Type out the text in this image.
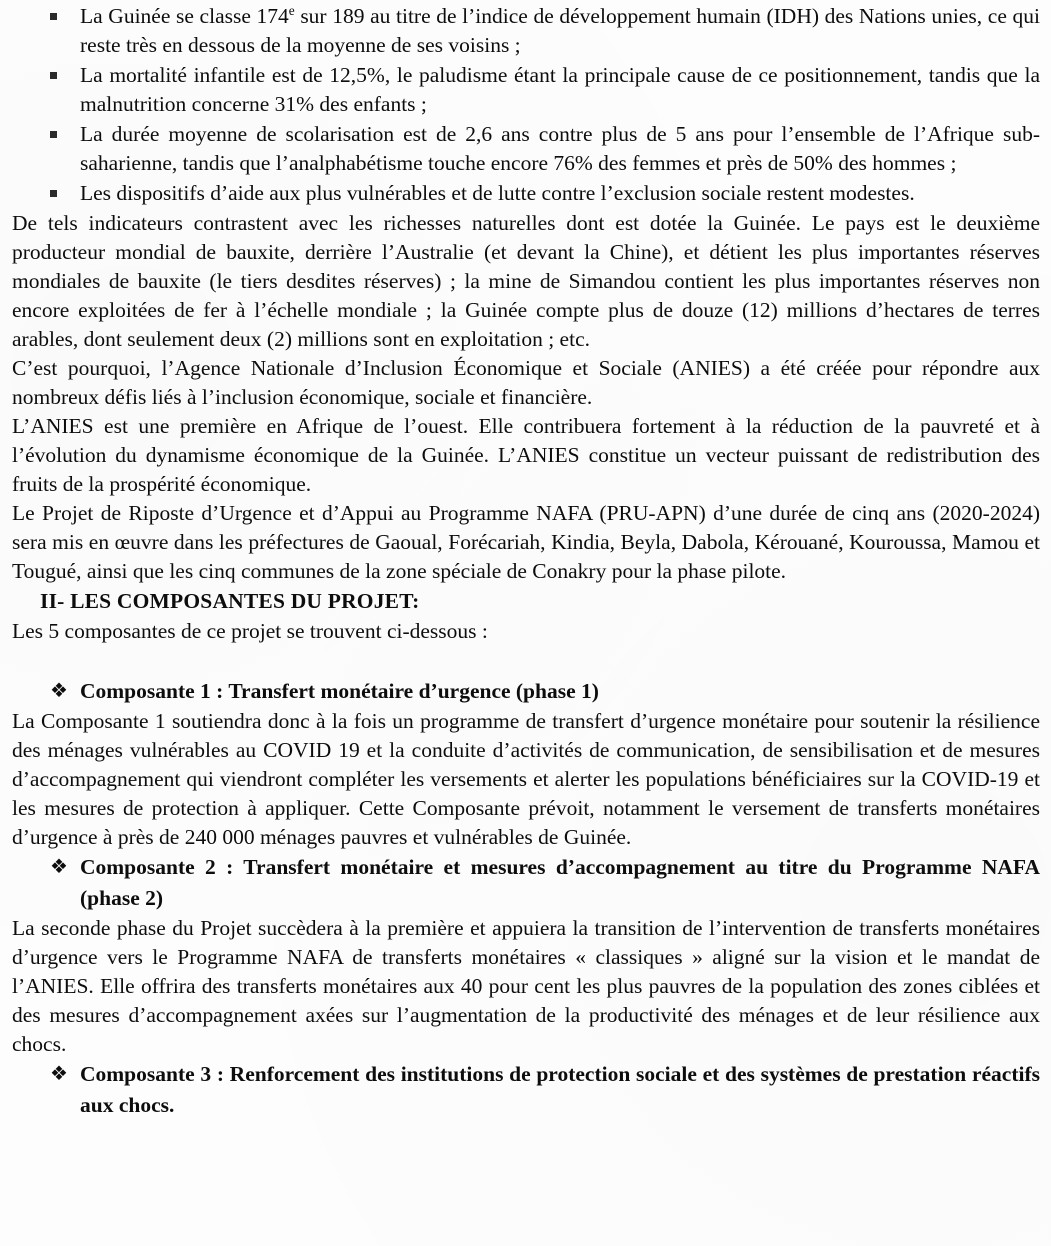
La Guinée se classe 174e sur 189 au titre de l’indice de développement humain (IDH) des Nations unies, ce qui reste très en dessous de la moyenne de ses voisins ;
La mortalité infantile est de 12,5%, le paludisme étant la principale cause de ce positionnement, tandis que la malnutrition concerne 31% des enfants ;
La durée moyenne de scolarisation est de 2,6 ans contre plus de 5 ans pour l’ensemble de l’Afrique sub-saharienne, tandis que l’analphabétisme touche encore 76% des femmes et près de 50% des hommes ;
Les dispositifs d’aide aux plus vulnérables et de lutte contre l’exclusion sociale restent modestes.

De tels indicateurs contrastent avec les richesses naturelles dont est dotée la Guinée. Le pays est le deuxième producteur mondial de bauxite, derrière l’Australie (et devant la Chine), et détient les plus importantes réserves mondiales de bauxite (le tiers desdites réserves) ; la mine de Simandou contient les plus importantes réserves non encore exploitées de fer à l’échelle mondiale ; la Guinée compte plus de douze (12) millions d’hectares de terres arables, dont seulement deux (2) millions sont en exploitation ; etc.

C’est pourquoi, l’Agence Nationale d’Inclusion Économique et Sociale (ANIES) a été créée pour répondre aux nombreux défis liés à l’inclusion économique, sociale et financière.

L’ANIES est une première en Afrique de l’ouest. Elle contribuera fortement à la réduction de la pauvreté et à l’évolution du dynamisme économique de la Guinée. L’ANIES constitue un vecteur puissant de redistribution des fruits de la prospérité économique.

Le Projet de Riposte d’Urgence et d’Appui au Programme NAFA (PRU-APN) d’une durée de cinq ans (2020-2024) sera mis en œuvre dans les préfectures de Gaoual, Forécariah, Kindia, Beyla, Dabola, Kérouané, Kouroussa, Mamou et Tougué, ainsi que les cinq communes de la zone spéciale de Conakry pour la phase pilote.

II- LES COMPOSANTES DU PROJET:

Les 5 composantes de ce projet se trouvent ci-dessous :

❖ Composante 1 : Transfert monétaire d’urgence (phase 1)

La Composante 1 soutiendra donc à la fois un programme de transfert d’urgence monétaire pour soutenir la résilience des ménages vulnérables au COVID 19 et la conduite d’activités de communication, de sensibilisation et de mesures d’accompagnement qui viendront compléter les versements et alerter les populations bénéficiaires sur la COVID-19 et les mesures de protection à appliquer. Cette Composante prévoit, notamment le versement de transferts monétaires d’urgence à près de 240 000 ménages pauvres et vulnérables de Guinée.

❖ Composante 2 : Transfert monétaire et mesures d’accompagnement au titre du Programme NAFA (phase 2)

La seconde phase du Projet succèdera à la première et appuiera la transition de l’intervention de transferts monétaires d’urgence vers le Programme NAFA de transferts monétaires « classiques » aligné sur la vision et le mandat de l’ANIES. Elle offrira des transferts monétaires aux 40 pour cent les plus pauvres de la population des zones ciblées et des mesures d’accompagnement axées sur l’augmentation de la productivité des ménages et de leur résilience aux chocs.

❖ Composante 3 : Renforcement des institutions de protection sociale et des systèmes de prestation réactifs aux chocs.
